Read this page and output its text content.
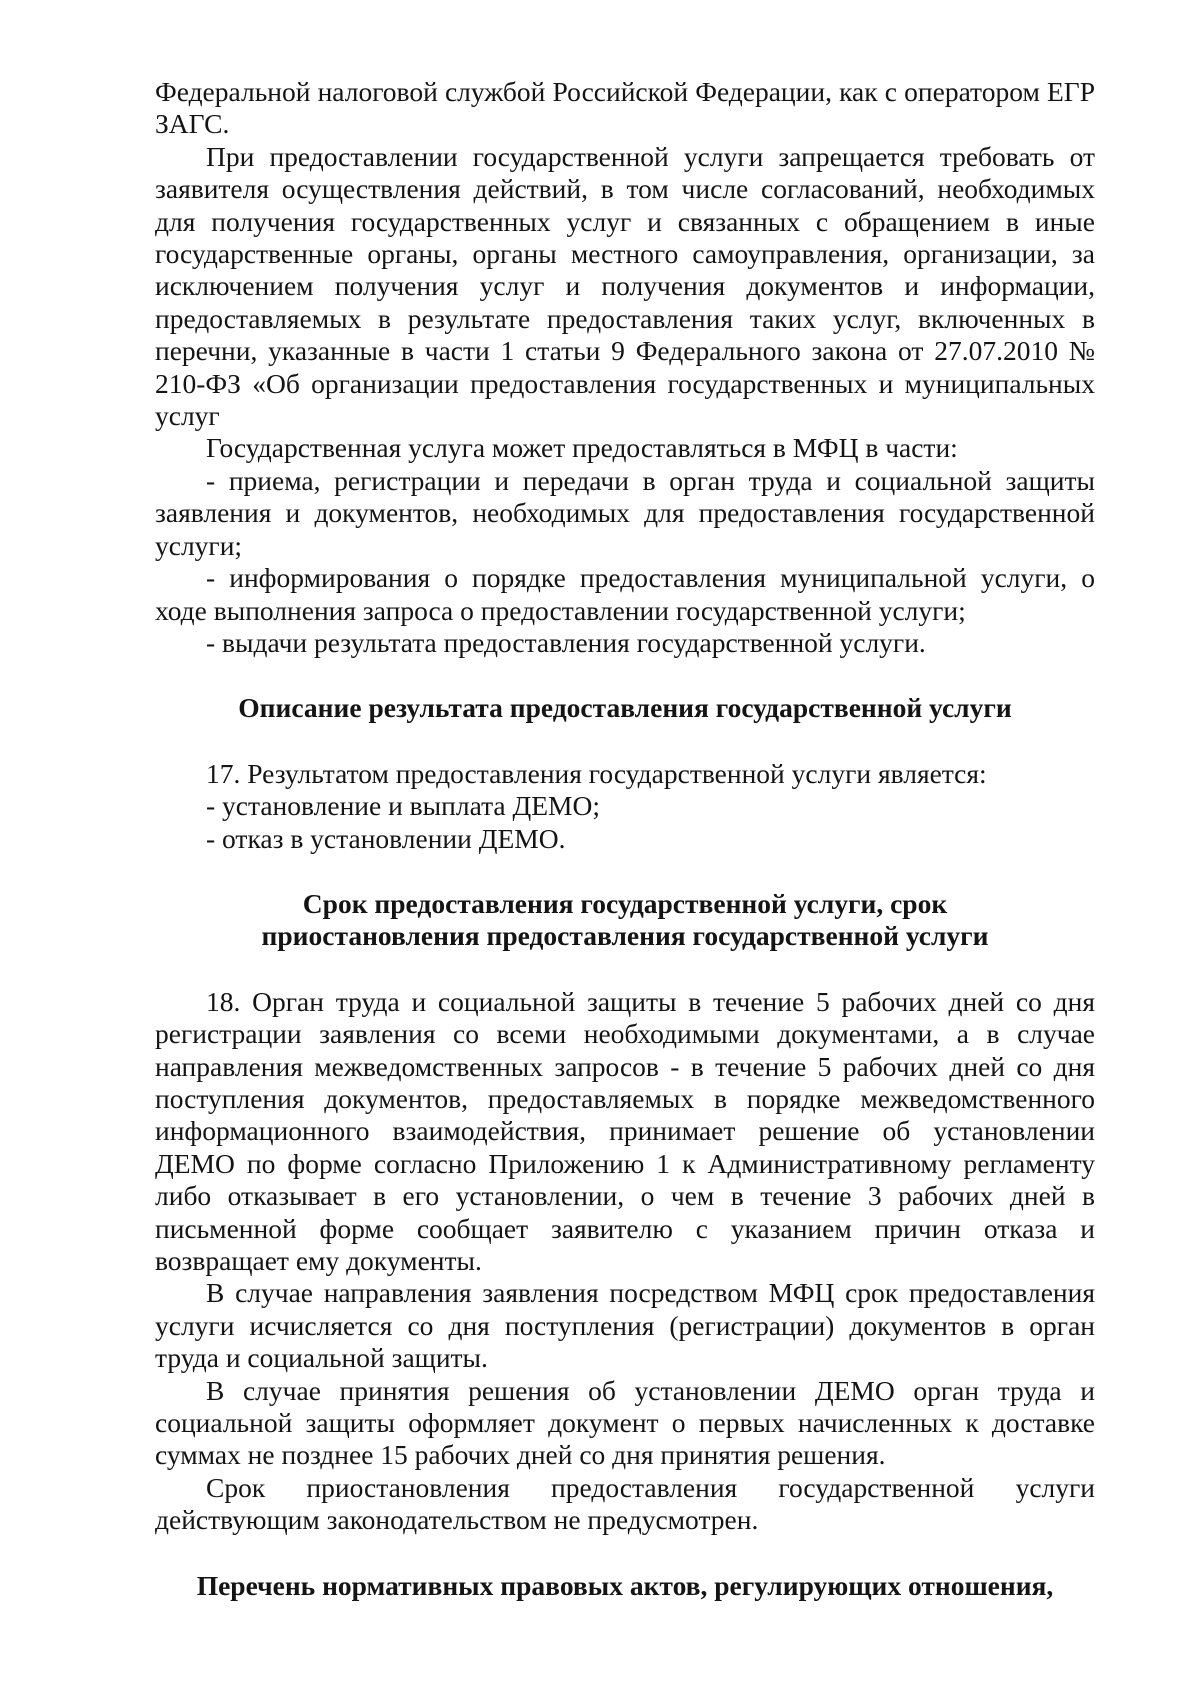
Федеральной налоговой службой Российской Федерации, как с оператором ЕГР ЗАГС.

При предоставлении государственной услуги запрещается требовать от заявителя осуществления действий, в том числе согласований, необходимых для получения государственных услуг и связанных с обращением в иные государственные органы, органы местного самоуправления, организации, за исключением получения услуг и получения документов и информации, предоставляемых в результате предоставления таких услуг, включенных в перечни, указанные в части 1 статьи 9 Федерального закона от 27.07.2010 № 210-ФЗ «Об организации предоставления государственных и муниципальных услуг

Государственная услуга может предоставляться в МФЦ в части:

- приема, регистрации и передачи в орган труда и социальной защиты заявления и документов, необходимых для предоставления государственной услуги;

- информирования о порядке предоставления муниципальной услуги, о ходе выполнения запроса о предоставлении государственной услуги;

- выдачи результата предоставления государственной услуги.

Описание результата предоставления государственной услуги

17. Результатом предоставления государственной услуги является:

- установление и выплата ДЕМО;

- отказ в установлении ДЕМО.

Срок предоставления государственной услуги, срок
приостановления предоставления государственной услуги

18. Орган труда и социальной защиты в течение 5 рабочих дней со дня регистрации заявления со всеми необходимыми документами, а в случае направления межведомственных запросов - в течение 5 рабочих дней со дня поступления документов, предоставляемых в порядке межведомственного информационного взаимодействия, принимает решение об установлении ДЕМО по форме согласно Приложению 1 к Административному регламенту либо отказывает в его установлении, о чем в течение 3 рабочих дней в письменной форме сообщает заявителю с указанием причин отказа и возвращает ему документы.

В случае направления заявления посредством МФЦ срок предоставления услуги исчисляется со дня поступления (регистрации) документов в орган труда и социальной защиты.

В случае принятия решения об установлении ДЕМО орган труда и социальной защиты оформляет документ о первых начисленных к доставке суммах не позднее 15 рабочих дней со дня принятия решения.

Срок приостановления предоставления государственной услуги действующим законодательством не предусмотрен.

Перечень нормативных правовых актов, регулирующих отношения,
